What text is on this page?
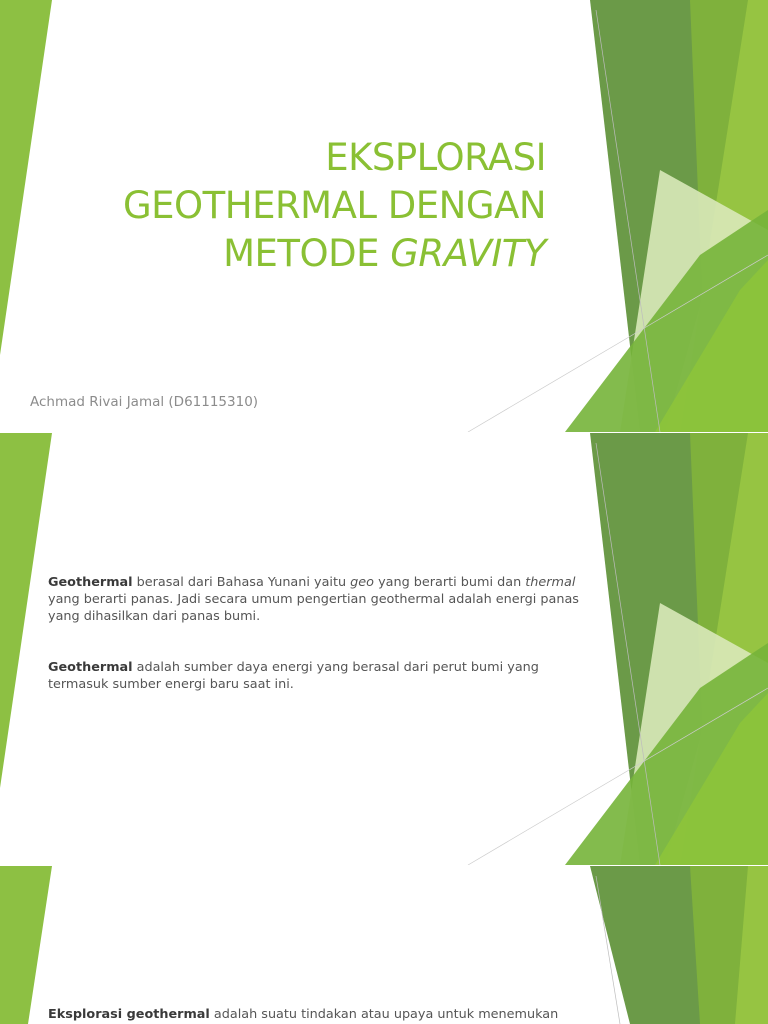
EKSPLORASI
GEOTHERMAL DENGAN
METODE GRAVITY

Achmad Rivai Jamal (D61115310)

Geothermal berasal dari Bahasa Yunani yaitu geo yang berarti bumi dan thermal yang berarti panas. Jadi secara umum pengertian geothermal adalah energi panas yang dihasilkan dari panas bumi.

Geothermal adalah sumber daya energi yang berasal dari perut bumi yang termasuk sumber energi baru saat ini.

Eksplorasi geothermal adalah suatu tindakan atau upaya untuk menemukan
